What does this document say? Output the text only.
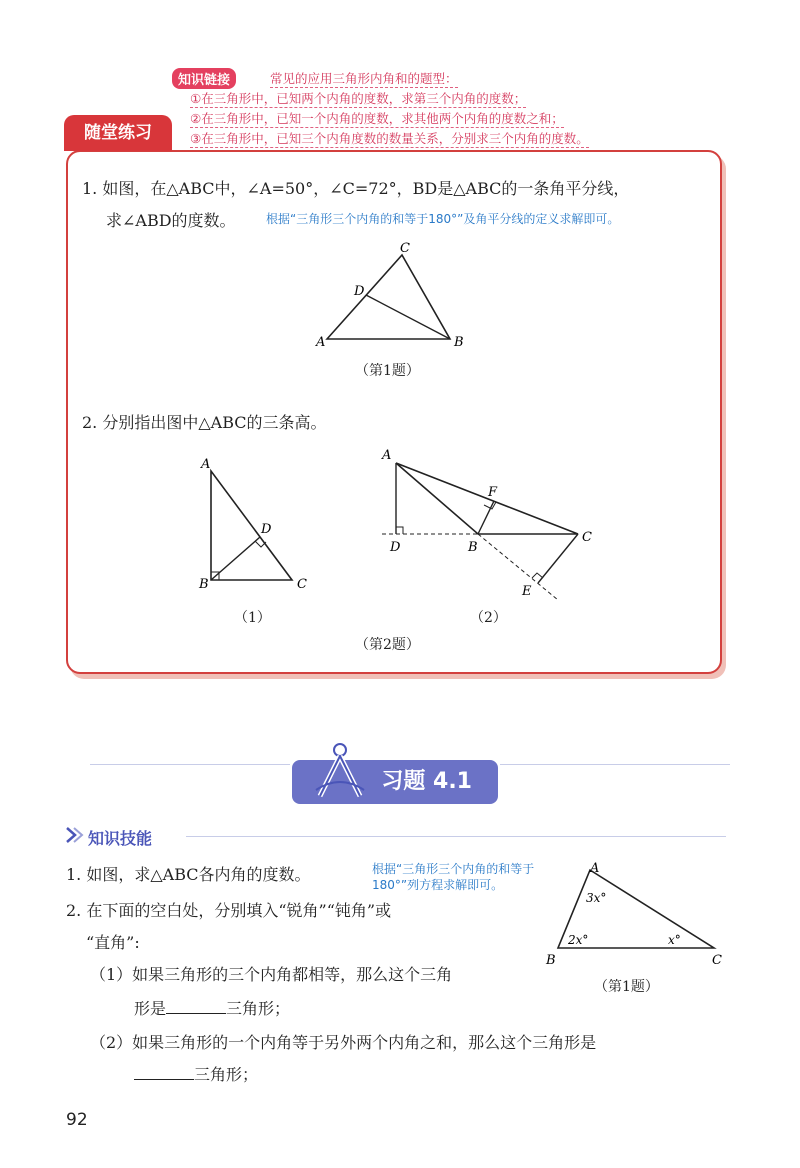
知识链接	常见的应用三角形内角和的题型：
①在三角形中，已知两个内角的度数，求第三个内角的度数；
②在三角形中，已知一个内角的度数，求其他两个内角的度数之和；
③在三角形中，已知三个内角度数的数量关系，分别求三个内角的度数。
随堂练习
1. 如图，在△ABC中，∠A=50°，∠C=72°，BD是△ABC的一条角平分线，
求∠ABD的度数。	根据“三角形三个内角的和等于180°”及角平分线的定义求解即可。
A	B
C
D
（第1题）
2. 分别指出图中△ABC的三条高。
A
B	C
D
A
B
C
D
E
F
（1）	（2）
（第2题）
习题 4.1
知识技能
1. 如图，求△ABC各内角的度数。	根据“三角形三个内角的和等于
180°”列方程求解即可。
A
B	C
3x°
2x°	x°
（第1题）
2. 在下面的空白处，分别填入“锐角”“钝角”或
“直角”:
（1）如果三角形的三个内角都相等，那么这个三角
形是	三角形；
（2）如果三角形的一个内角等于另外两个内角之和，那么这个三角形是
三角形；
92
